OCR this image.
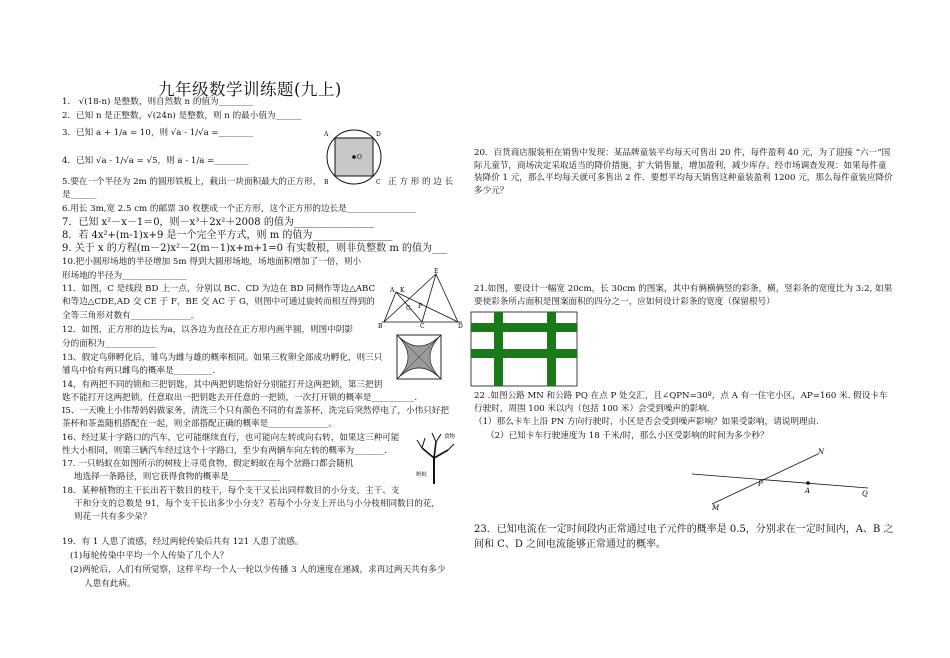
九年级数学训练题(九上)
1． √(18-n) 是整数，则自然数 n 的值为________
2．已知 n 是正整数，√(24n) 是整数，则 n 的最小值为______
3．已知 a + 1/a = 10，则 √a - 1/√a =________
4．已知 √a - 1/√a = √5，则 a - 1/a =________
5.要在一个半径为 2m 的圆形铁板上，截出一块面积最大的正方形，	正 方 形 的 边 长
是______
6.用长 3m,宽 2.5 cm 的邮票 30 枚摆成一个正方形，这个正方形的边长是________________
7．已知 x²－x－1＝0，则－x³＋2x²＋2008 的值为________________
8．若 4x²+(m-1)x+9 是一个完全平方式，则 m 的值为________________
9. 关于 x 的方程(m－2)x²－2(m－1)x+m+1=0 有实数根，则非负整数 m 的值为___
10.把小圆形场地的半径增加 5m 得到大圆形场地，场地面积增加了一倍，则小
形场地的半径为_______________
11．如图，C 是线段 BD 上一点，分别以 BC、CD 为边在 BD 同侧作等边△ABC
和等边△CDE,AD 交 CE 于 F，BE 交 AC 于 G，则图中可通过旋转而相互得到的
全等三角形对数有______________。
12．如图，正方形的边长为a，以各边为直径在正方形内画半圆，则图中阴影
分的面积为____________
13、假定鸟卵孵化后，雏鸟为雌与雄的概率相同。如果三枚卵全部成功孵化，则三只
雏鸟中恰有两只雌鸟的概率是_________.
14，有两把不同的锁和三把钥匙，其中两把钥匙恰好分别能打开这两把锁，第三把钥
匙不能打开这两把锁。任意取出一把钥匙去开任意的一把锁，一次打开锁的概率是__________.
I5、一天晚上小伟帮妈妈做家务，清洗三个只有颜色不同的有盖茶杯，洗完后突然停电了，小伟只好把
茶杯和茶盖随机搭配在一起，则全部搭配正确的概率是______________。
16、经过某十字路口的汽车，它可能继续直行，也可能向左转或向右转，如果这三种可能
性大小相同，则第三辆汽车经过这个十字路口，至少有两辆车向左转的概率为_______.
17. 一只蚂蚁在如图所示的树枝上寻觅食物，假定蚂蚁在每个岔路口都会随机
地选择一条路径，则它获得食物的概率是____________
18．某种植物的主干长出若干数目的枝干，每个支干又长出同样数目的小分支，主干、支
干和分支的总数是 91，每个支干长出多少小分支？若每个小分支上开出与小分枝相同数目的花，
则花一共有多少朵？
19．有 1 人患了流感，经过两轮传染后共有 121 人患了流感。
(1)每轮传染中平均一个人传染了几个人？
(2)两轮后，人们有所觉察，这样平均一个人一轮以少传播 3 人的速度在递减，求再过两天共有多少
人患有此病。
A	D
B	C
O
A K
E
B	C	D
G F
食物
蚂蚁
20．百货商店服装柜在销售中发现：某品牌童装平均每天可售出 20 件，每件盈利 40 元，为了迎接 “六一”国际儿童节，商场决定采取适当的降价措施，扩大销售量，增加盈利，减少库存。经市场调查发现：如果每件童装降价 1 元，那么平均每天就可多售出 2 件．要想平均每天销售这种童装盈利 1200 元，那么每件童装应降价多少元？
21.如图，要设计一幅宽 20cm，长 30cm 的图案，其中有俩横俩竖的彩条，横，竖彩条的宽度比为 3:2, 如果要使彩条所占面积是图案面积的四分之一，应如何设计彩条的宽度（保留根号）
22 .如图公路 MN 和公路 PQ 在点 P 处交汇，且∠QPN=30º，点 A 有一住宅小区，AP=160 米. 假设卡车行驶时，周围 100 米以内（包括 100 米）会受到噪声的影响.
（1）那么卡车上沿 PN 方向行驶时，小区是否会受到噪声影响？如果受影响，请说明理由.
（2）已知卡车行驶速度为 18 千米/时，那么小区受影响的时间为多少秒？
N
M
P
A	Q
23．已知电流在一定时间段内正常通过电子元件的概率是 0.5，分别求在一定时间内，A、B 之间和 C、D 之间电流能够正常通过的概率。
